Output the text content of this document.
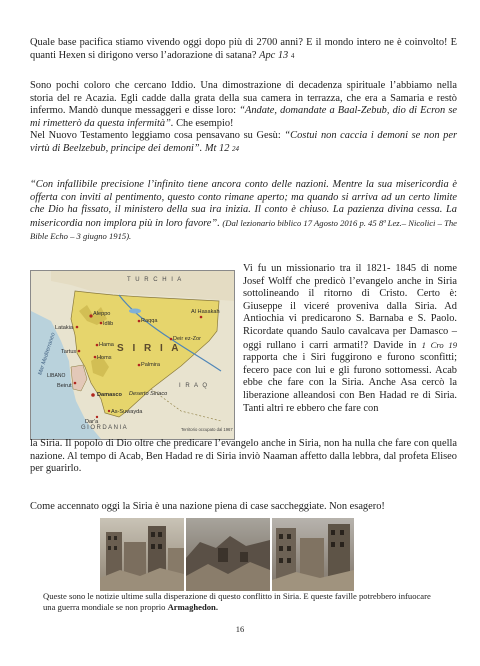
Quale base pacifica stiamo vivendo oggi dopo più di 2700 anni? E il mondo intero ne è coinvolto! E quanti Hexen si dirigono verso l’adorazione di satana? Apc 13 4

Sono pochi coloro che cercano Iddio. Una dimostrazione di decadenza spirituale l’abbiamo nella storia del re Acazia. Egli cadde dalla grata della sua camera in terrazza, che era a Samaria e restò infermo. Mandò dunque messaggeri e disse loro: “Andate, domandate a Baal-Zebub, dio di Ecron se mi rimetterò da questa infermità”. Che esempio!
Nel Nuovo Testamento leggiamo cosa pensavano su Gesù: “Costui non caccia i demoni se non per virtù di Beelzebub, principe dei demoni”. Mt 12 24

“Con infallibile precisione l’infinito tiene ancora conto delle nazioni. Mentre la sua misericordia è offerta con inviti al pentimento, questo conto rimane aperto; ma quando si arriva ad un certo limite che Dio ha fissato, il ministero della sua ira inizia. Il conto è chiuso. La pazienza divina cessa. La misericordia non implora più in loro favore”. (Dal lezionario biblico 17 Agosto 2016 p. 45 8ª Lez.– Nicolici – The Bible Echo – 3 giugno 1915).

T U R C H I A
S I R I A
I R A Q
LIBANO
GIORDANIA
Mar Mediterraneo
Deserto Siriaco
Aleppo
Idlib
Latakia
Hama
Homs
Raqqa
Deir ez-Zor
Palmira
Damasco
Beirut
Tartus
Dar'a
As-Suwayda
Al Hasakah
Territorio occupato dal 1967

Vi fu un missionario tra il 1821- 1845 di nome Josef Wolff che predicò l’evangelo anche in Siria sottolineando il ritorno di Cristo. Certo è: Giuseppe il viceré proveniva dalla Siria. Ad Antiochia vi predicarono S. Barnaba e S. Paolo. Ricordate quando Saulo cavalcava per Damasco – oggi rullano i carri armati!? Davide in 1 Cro 19 rapporta che i Siri fuggirono e furono sconfitti; fecero pace con lui e gli furono sottomessi. Acab ebbe che fare con la Siria. Anche Asa cercò la liberazione alleandosi con Ben Hadad re di Siria. Tanti altri re ebbero che fare con

la Siria. Il popolo di Dio oltre che predicare l’evangelo anche in Siria, non ha nulla che fare con quella nazione. Al tempo di Acab, Ben Hadad re di Siria inviò Naaman affetto dalla lebbra, dal profeta Eliseo per guarirlo.

Come accennato oggi la Siria è una nazione piena di case saccheggiate. Non esagero!

Queste sono le notizie ultime sulla disperazione di questo conflitto in Siria. E queste faville potrebbero infuocare una guerra mondiale se non proprio Armaghedon.

16
